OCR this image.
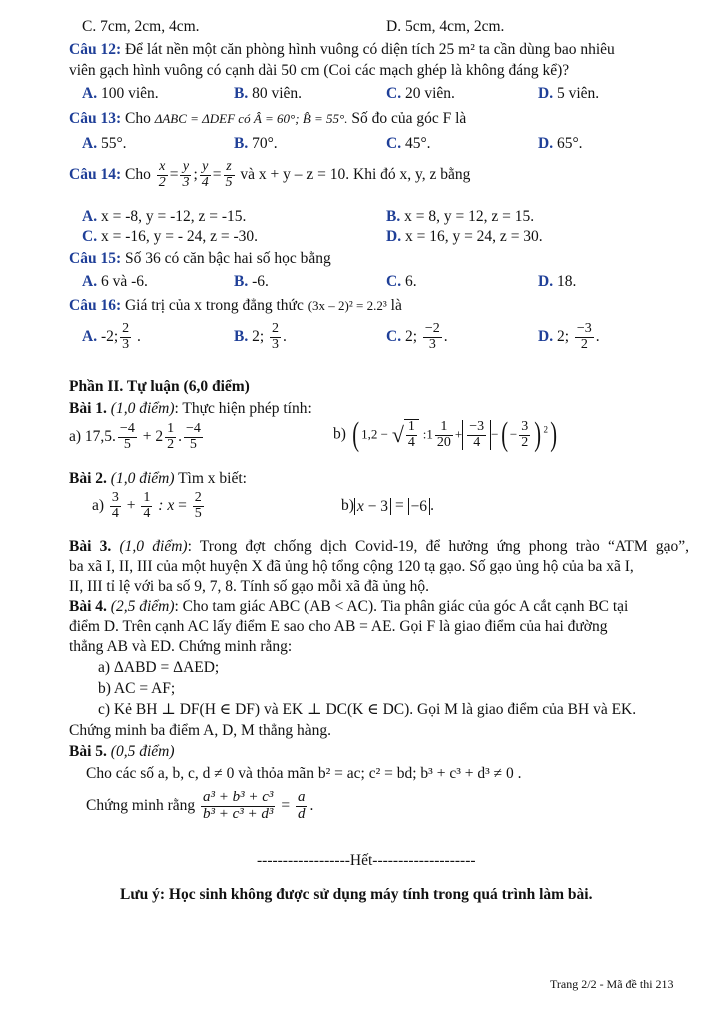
C. 7cm, 2cm, 4cm.	D. 5cm, 4cm, 2cm.
Câu 12: Để lát nền một căn phòng hình vuông có diện tích 25 m² ta cần dùng bao nhiêu
viên gạch hình vuông có cạnh dài 50 cm (Coi các mạch ghép là không đáng kể)?
A. 100 viên.	B. 80 viên.	C. 20 viên.	D. 5 viên.
Câu 13: Cho ΔABC = ΔDEF có Â = 60°; B̂ = 55°. Số đo của góc F là
A. 55°.	B. 70°.	C. 45°.	D. 65°.
Câu 14: Cho $\frac{x}{2} = \frac{y}{3}$ ; $\frac{y}{4} = \frac{z}{5}$ và x + y – z = 10. Khi đó x, y, z bằng
A. x = -8, y = -12, z = -15.	B. x = 8, y = 12, z = 15.
C. x = -16, y = - 24, z = -30.	D. x = 16, y = 24, z = 30.
Câu 15: Số 36 có căn bậc hai số học bằng
A. 6 và -6.	B. -6.	C. 6.	D. 18.
Câu 16: Giá trị của x trong đẳng thức (3x – 2)² = 2.2³ là
A. -2; $\frac{2}{3}$ .	B. 2; $\frac{2}{3}$ .	C. 2; $\frac{-2}{3}$ .	D. 2; $\frac{-3}{2}$ .
Phần II. Tự luận (6,0 điểm)
Bài 1. (1,0 điểm): Thực hiện phép tính:
a) 17,5. $\frac{-4}{5} + 2 \frac{1}{2}$ . $\frac{-4}{5}$	b) ( 1,2 − √ $\frac{1}{4}$ :1 $\frac{1}{20} + \frac{-3}{4}$ −( − $\frac{3}{2}$ ) $^2$)
Bài 2. (1,0 điểm) Tìm x biết:
$a) \frac{3}{4} + \frac{1}{4}$ : $x = \frac{2}{5}$	b) x − 3 = −6 .
Bài 3. (1,0 điểm): Trong đợt chống dịch Covid-19, để hưởng ứng phong trào “ATM gạo”,
ba xã I, II, III của một huyện X đã ủng hộ tổng cộng 120 tạ gạo. Số gạo ủng hộ của ba xã I,
II, III tỉ lệ với ba số 9, 7, 8. Tính số gạo mỗi xã đã ủng hộ.
Bài 4. (2,5 điểm): Cho tam giác ABC (AB < AC). Tia phân giác của góc A cắt cạnh BC tại
điểm D. Trên cạnh AC lấy điểm E sao cho AB = AE. Gọi F là giao điểm của hai đường
thẳng AB và ED. Chứng minh rằng:
a) ΔABD = ΔAED;
b) AC = AF;
c) Kẻ BH ⊥ DF(H ∈ DF) và EK ⊥ DC(K ∈ DC). Gọi M là giao điểm của BH và EK.
Chứng minh ba điểm A, D, M thẳng hàng.
Bài 5. (0,5 điểm)
Cho các số a, b, c, d ≠ 0 và thỏa mãn b² = ac; c² = bd; b³ + c³ + d³ ≠ 0 .
Chứng minh rằng $\frac{\text{a³ + b³ + c³}}{\text{b³ + c³ + d³}} = \frac{a}{d}$ .
------------------Hết--------------------
Lưu ý: Học sinh không được sử dụng máy tính trong quá trình làm bài.
Trang 2/2 - Mã đề thi 213
